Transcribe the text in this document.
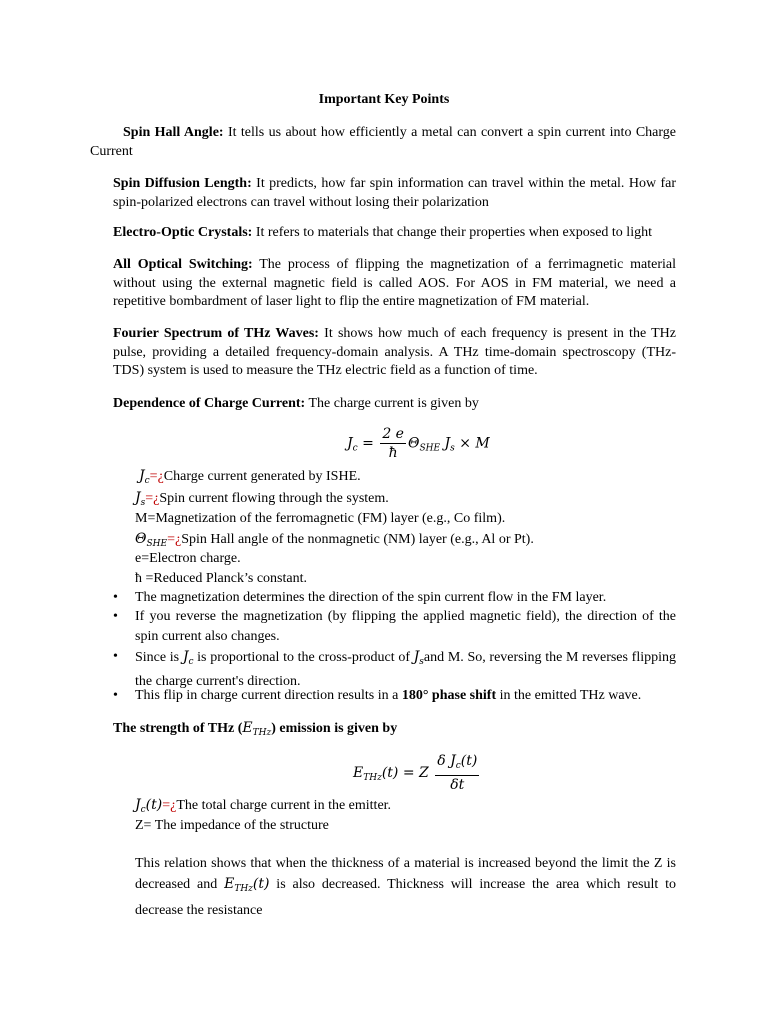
Important Key Points
Spin Hall Angle: It tells us about how efficiently a metal can convert a spin current into Charge Current
Spin Diffusion Length: It predicts, how far spin information can travel within the metal. How far spin-polarized electrons can travel without losing their polarization
Electro-Optic Crystals: It refers to materials that change their properties when exposed to light
All Optical Switching: The process of flipping the magnetization of a ferrimagnetic material without using the external magnetic field is called AOS. For AOS in FM material, we need a repetitive bombardment of laser light to flip the entire magnetization of FM material.
Fourier Spectrum of THz Waves: It shows how much of each frequency is present in the THz pulse, providing a detailed frequency-domain analysis. A THz time-domain spectroscopy (THz-TDS) system is used to measure the THz electric field as a function of time.
Dependence of Charge Current: The charge current is given by
$J_c = \frac{2 e}{ħ} \Theta_{SHE}$ $J_s \times M$
$J_c=¿Charge$ current generated by ISHE.
$J_s=¿Spin$ current flowing through the system.
M=Magnetization of the ferromagnetic (FM) layer (e.g., Co film).
$\Theta_{SHE}=¿Spin$ Hall angle of the nonmagnetic (NM) layer (e.g., Al or Pt).
e=Electron charge.
ħ =Reduced Planck’s constant.
•	The magnetization determines the direction of the spin current flow in the FM layer.
•	If you reverse the magnetization (by flipping the applied magnetic field), the direction of the spin current also changes.
•	Since is $J_c$ is proportional to the cross-product of $J_sand$ M. So, reversing the M reverses flipping the charge current's direction.
•	This flip in charge current direction results in a 180° phase shift in the emitted THz wave.
The strength of THz $(E_{THz})$ emission is given by
$E_{THz}(t) = Z \frac{\delta J_c(t)}{\delta t}$
$J_c(t)=¿The$ total charge current in the emitter.
Z= The impedance of the structure
This relation shows that when the thickness of a material is increased beyond the limit the Z is decreased and $E_{THz}(t)$ is also decreased. Thickness will increase the area which result to decrease the resistance
